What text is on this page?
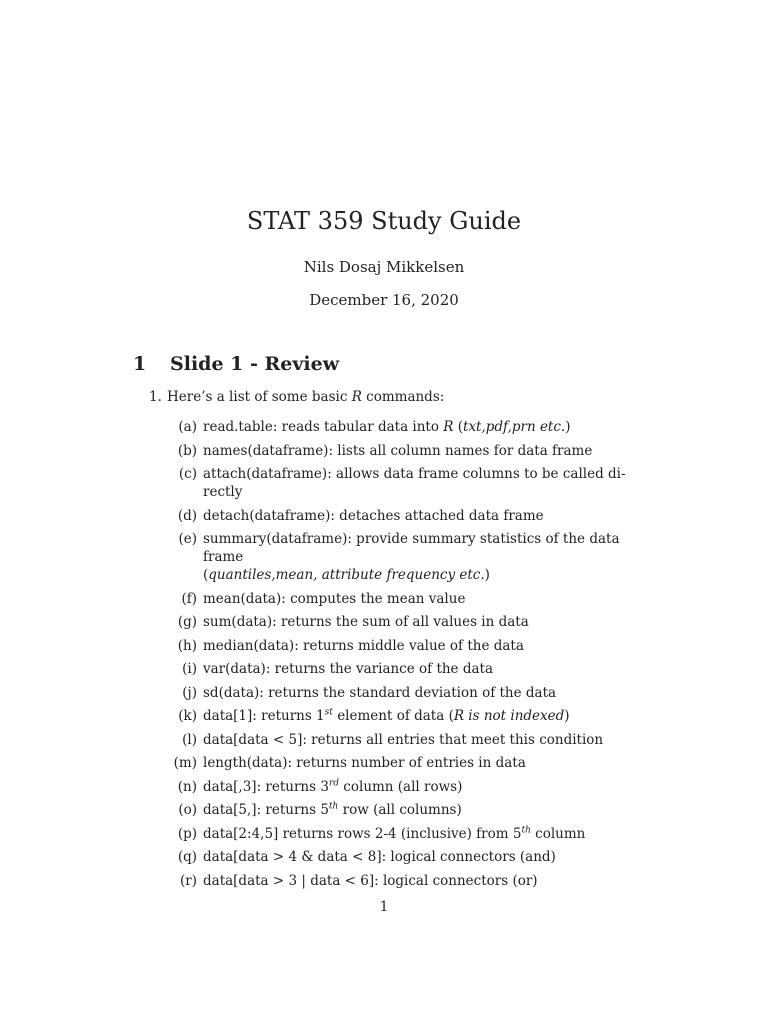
STAT 359 Study Guide
Nils Dosaj Mikkelsen
December 16, 2020
1 Slide 1 - Review
1. Here’s a list of some basic R commands:
(a) read.table: reads tabular data into R (txt,pdf,prn etc.)
(b) names(dataframe): lists all column names for data frame
(c) attach(dataframe): allows data frame columns to be called di-
rectly
(d) detach(dataframe): detaches attached data frame
(e) summary(dataframe): provide summary statistics of the data frame
(quantiles,mean, attribute frequency etc.)
(f) mean(data): computes the mean value
(g) sum(data): returns the sum of all values in data
(h) median(data): returns middle value of the data
(i) var(data): returns the variance of the data
(j) sd(data): returns the standard deviation of the data
(k) data[1]: returns 1st element of data (R is not indexed)
(l) data[data < 5]: returns all entries that meet this condition
(m) length(data): returns number of entries in data
(n) data[,3]: returns 3rd column (all rows)
(o) data[5,]: returns 5th row (all columns)
(p) data[2:4,5] returns rows 2-4 (inclusive) from 5th column
(q) data[data > 4 & data < 8]: logical connectors (and)
(r) data[data > 3 | data < 6]: logical connectors (or)
1
